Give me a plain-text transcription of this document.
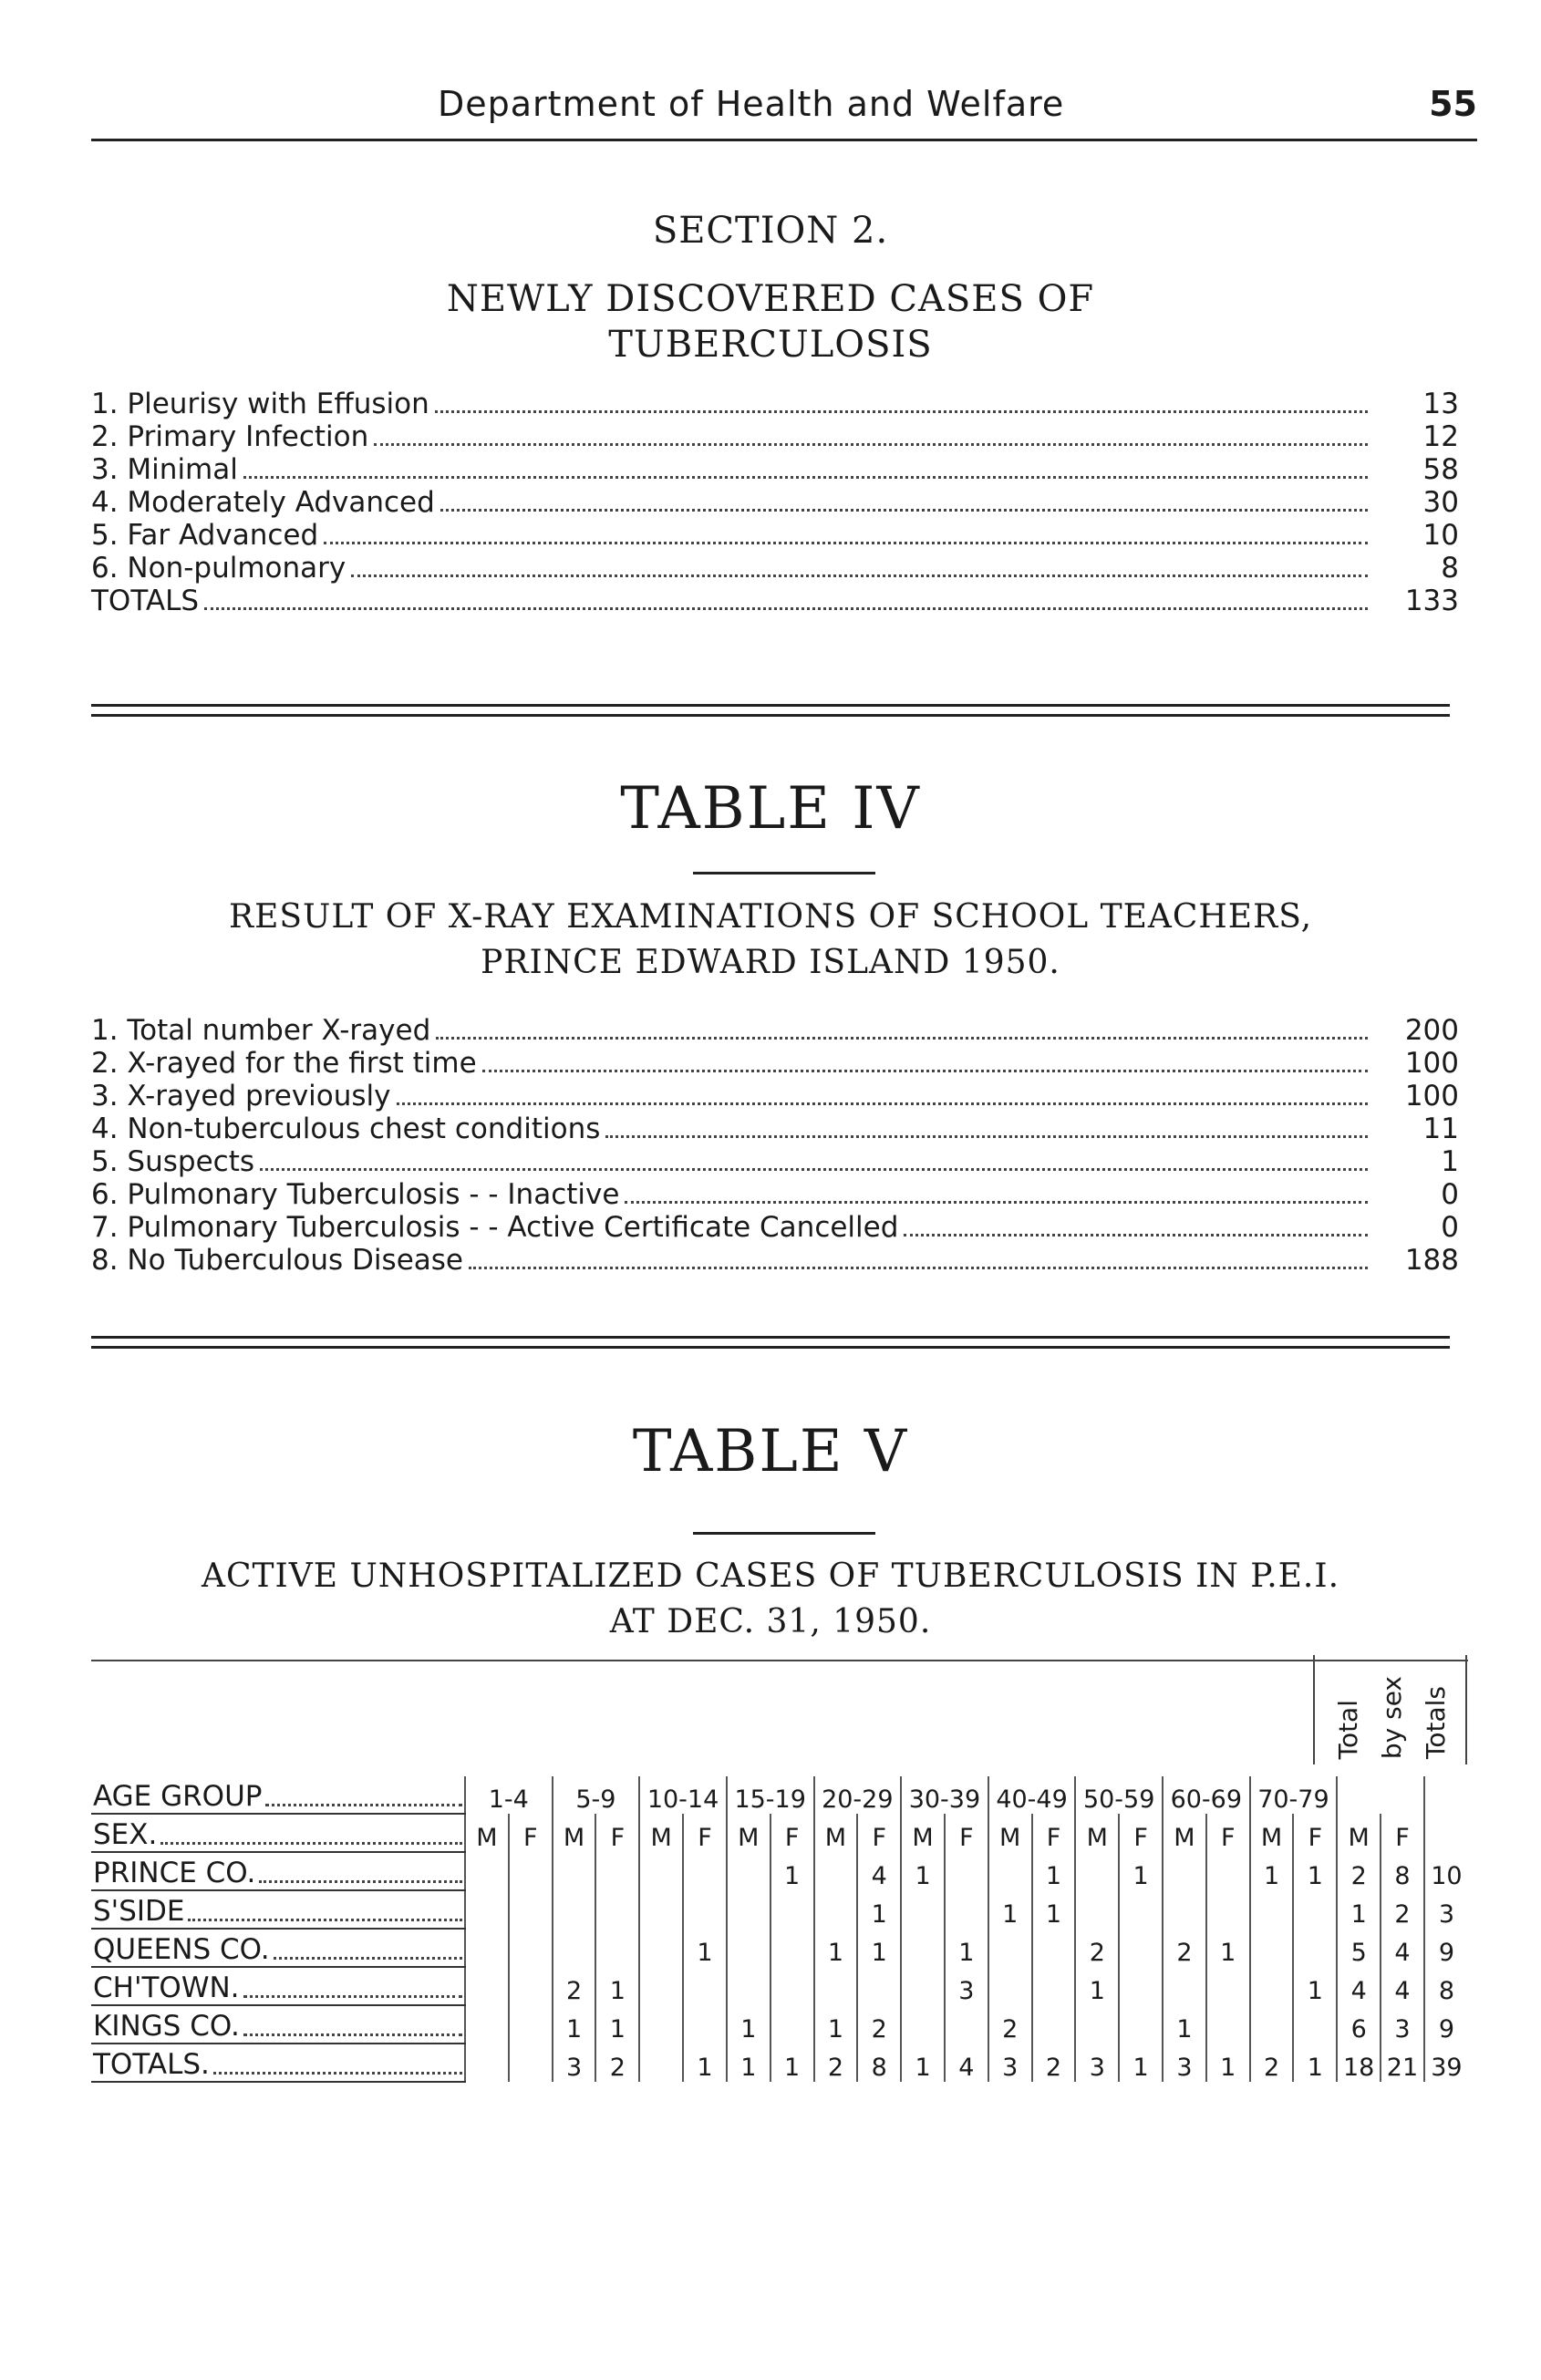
Department of Health and Welfare	55
SECTION 2.
NEWLY DISCOVERED CASES OF
TUBERCULOSIS
1. Pleurisy with Effusion	13
2. Primary Infection	12
3. Minimal	58
4. Moderately Advanced	30
5. Far Advanced	10
6. Non-pulmonary	8
TOTALS	133
TABLE IV
RESULT OF X-RAY EXAMINATIONS OF SCHOOL TEACHERS,
PRINCE EDWARD ISLAND 1950.
1. Total number X-rayed	200
2. X-rayed for the first time	100
3. X-rayed previously	100
4. Non-tuberculous chest conditions	11
5. Suspects	1
6. Pulmonary Tuberculosis - - Inactive	0
7. Pulmonary Tuberculosis - - Active Certificate Cancelled	0
8. No Tuberculous Disease	188
TABLE V
ACTIVE UNHOSPITALIZED CASES OF TUBERCULOSIS IN P.E.I.
AT DEC. 31, 1950.
Total by sex Totals
AGE GROUP	1-4		5-9		10-14		15-19		20-29		30-39		40-49		50-59		60-69		70-79				

SEX.	M	F	M	F	M	F	M	F	M	F	M	F	M	F	M	F	M	F	M	F	M	F	

PRINCE CO.								1		4	1			1		1			1	1	2	8	10

S'SIDE										1			1	1							1	2	3

QUEENS CO.						1			1	1		1			2		2	1			5	4	9

CH'TOWN.			2	1								3			1					1	4	4	8

KINGS CO.			1	1			1		1	2			2				1				6	3	9

TOTALS.			3	2		1	1	1	2	8	1	4	3	2	3	1	3	1	2	1	18	21	39
